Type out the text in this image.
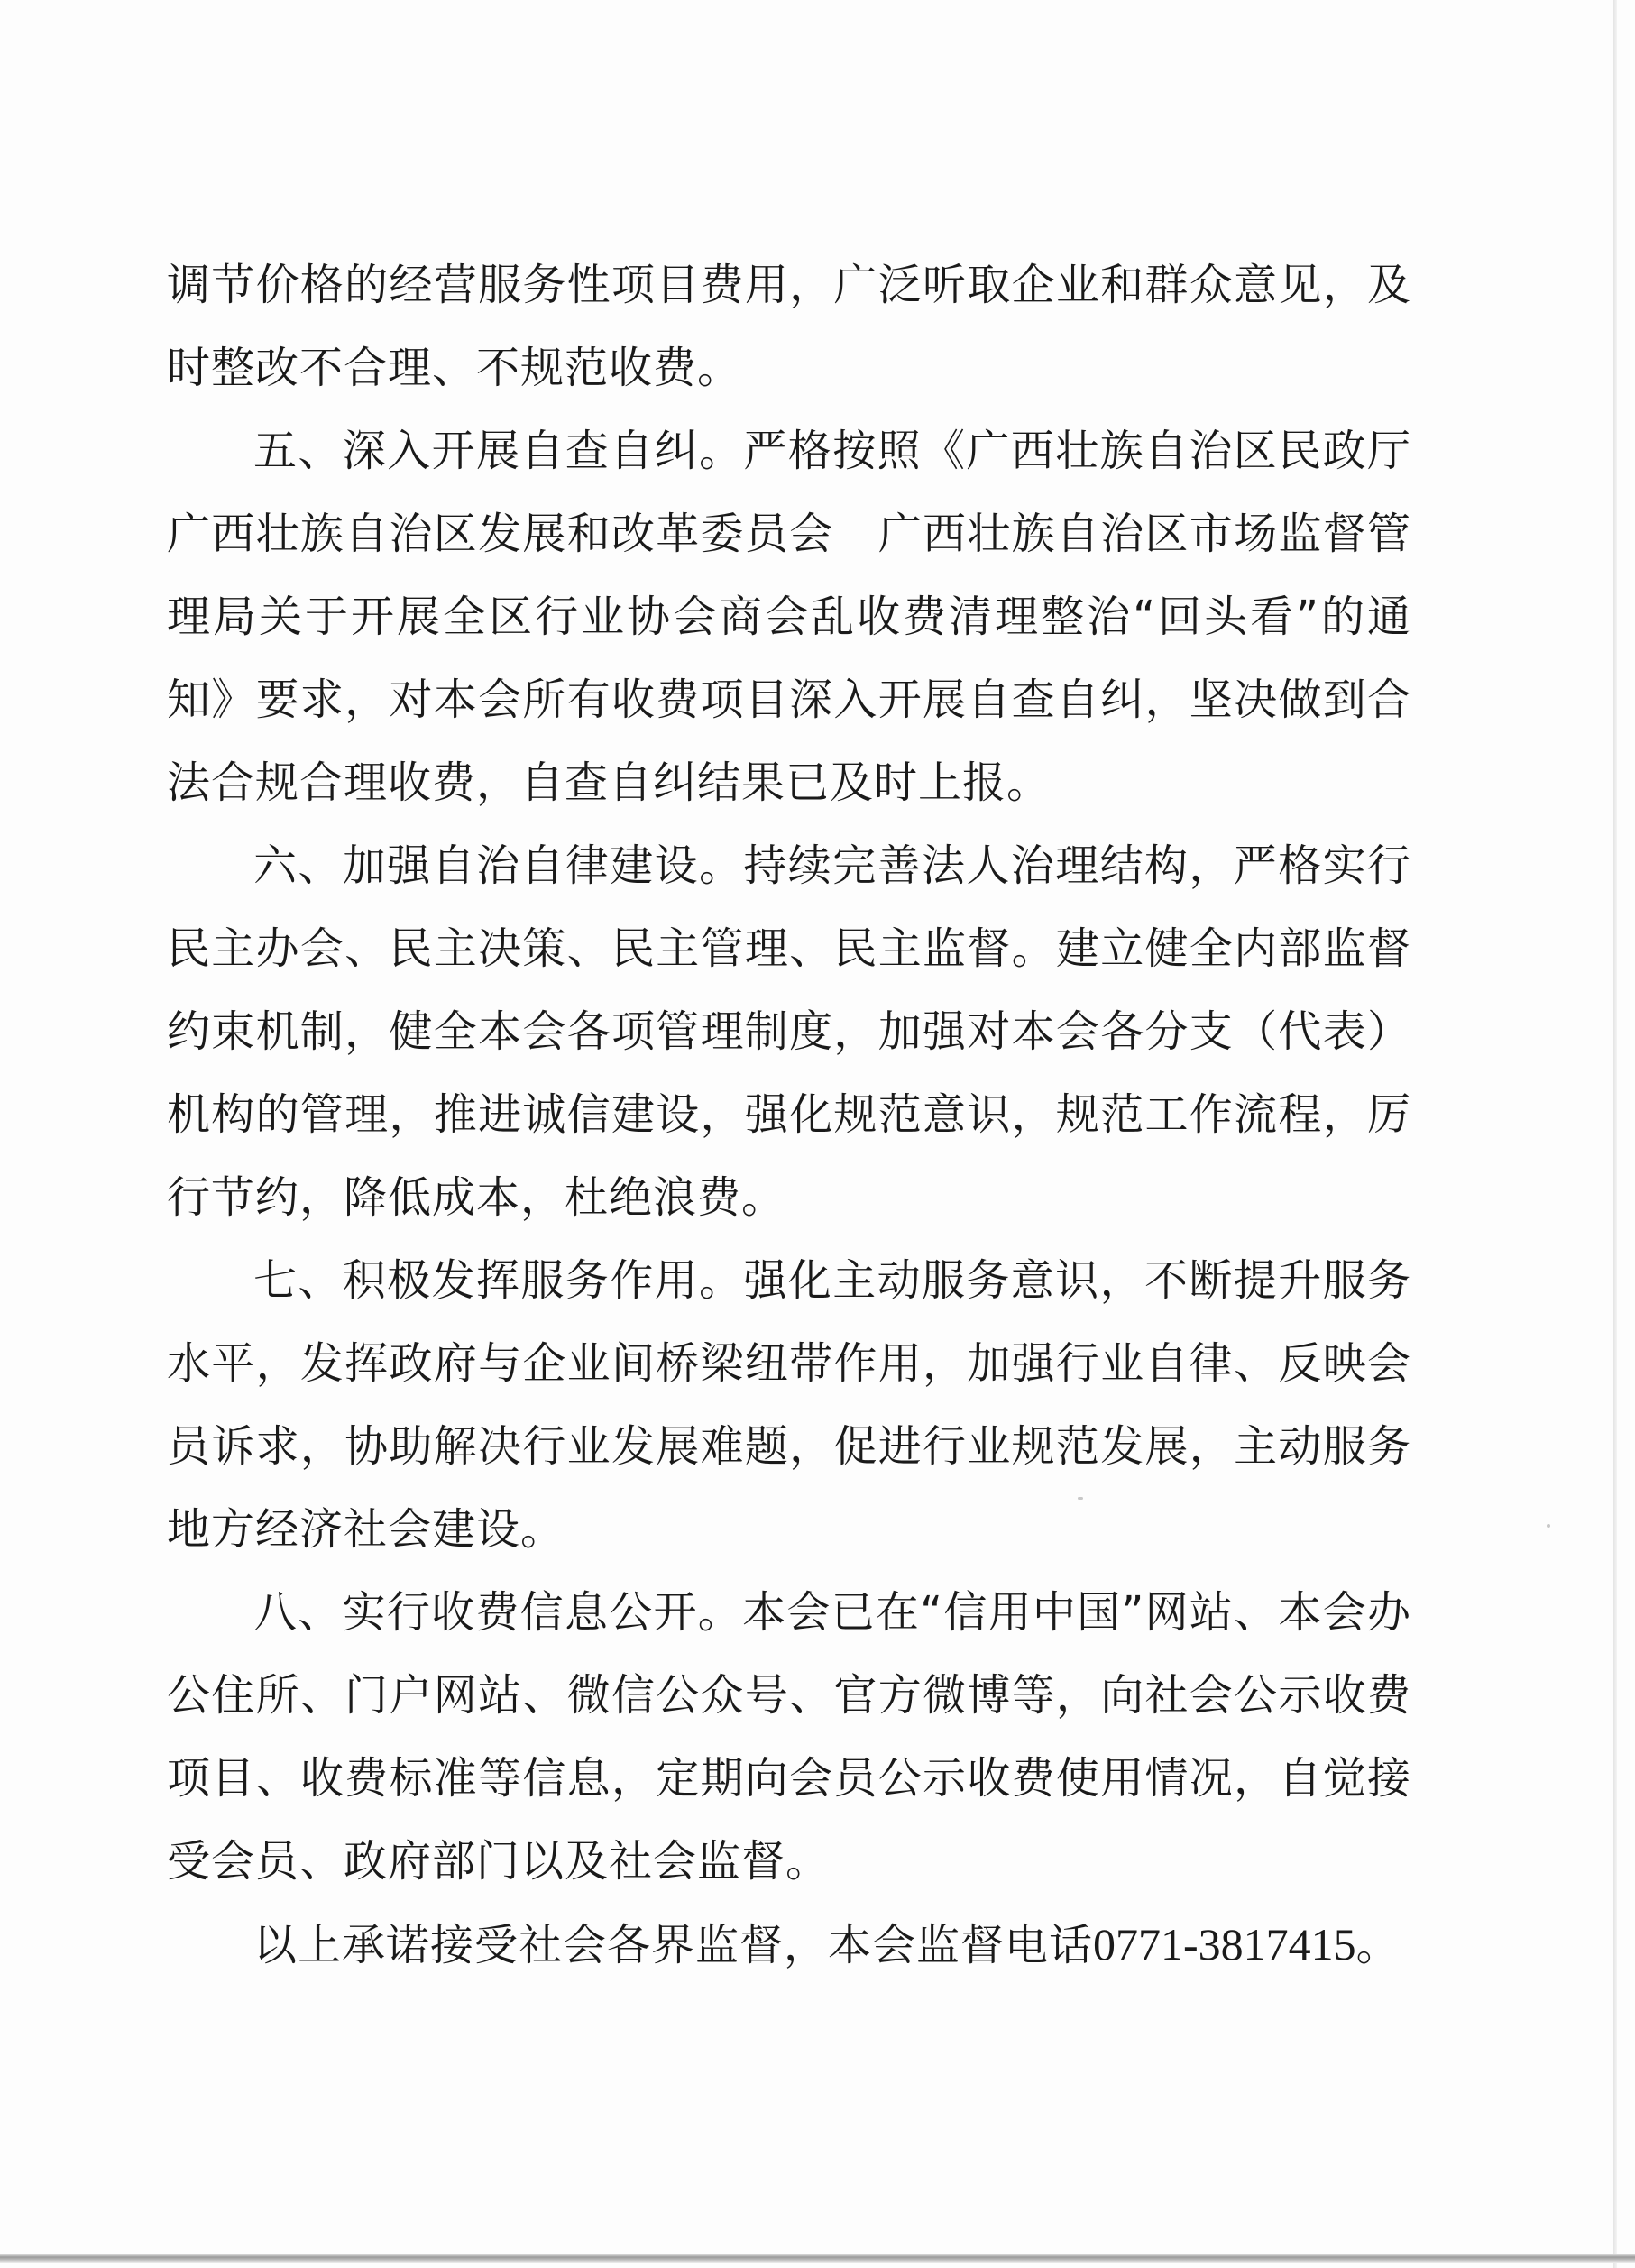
调节价格的经营服务性项目费用，广泛听取企业和群众意见，及时整改不合理、不规范收费。

五、深入开展自查自纠。严格按照《广西壮族自治区民政厅　广西壮族自治区发展和改革委员会　广西壮族自治区市场监督管理局关于开展全区行业协会商会乱收费清理整治“回头看”的通知》要求，对本会所有收费项目深入开展自查自纠，坚决做到合法合规合理收费，自查自纠结果已及时上报。

六、加强自治自律建设。持续完善法人治理结构，严格实行民主办会、民主决策、民主管理、民主监督。建立健全内部监督约束机制，健全本会各项管理制度，加强对本会各分支（代表）机构的管理，推进诚信建设，强化规范意识，规范工作流程，厉行节约，降低成本，杜绝浪费。

七、积极发挥服务作用。强化主动服务意识，不断提升服务水平，发挥政府与企业间桥梁纽带作用，加强行业自律、反映会员诉求，协助解决行业发展难题，促进行业规范发展，主动服务地方经济社会建设。

八、实行收费信息公开。本会已在“信用中国”网站、本会办公住所、门户网站、微信公众号、官方微博等，向社会公示收费项目、收费标准等信息，定期向会员公示收费使用情况，自觉接受会员、政府部门以及社会监督。

以上承诺接受社会各界监督，本会监督电话0771-3817415。
